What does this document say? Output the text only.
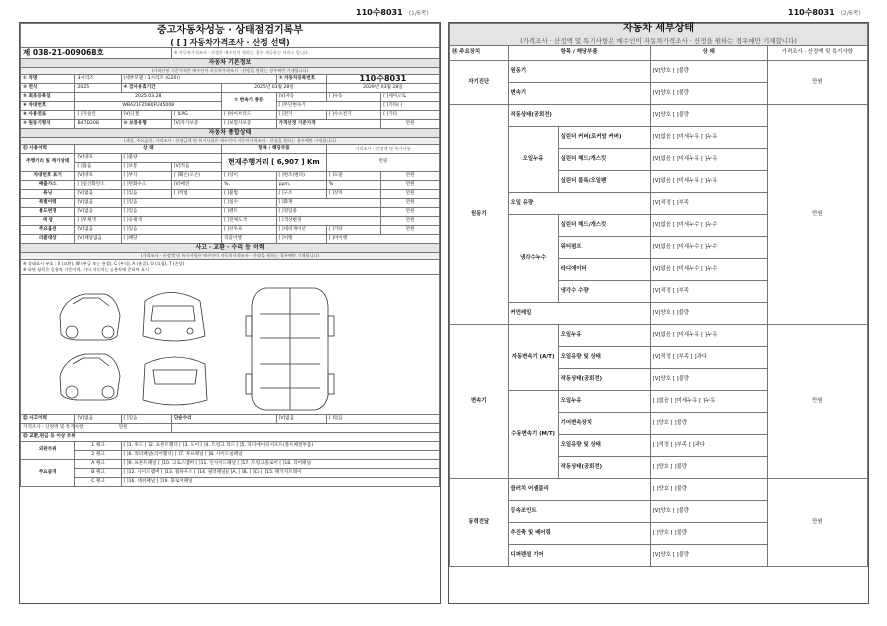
110수8031 (1/6쪽)	110수8031 (2/6쪽)
중고자동차성능 · 상태점검기록부
( [ ] 자동차가격조사 · 산정 선택)							

제 038-21-009068호			※ 자동차가격조사 · 산정은 매수인이 원하는 경우 제공하는 서비스 입니다.				
자동차 기본정보							
(가격산정 기준가격은 매수인이 자동차가격조사 · 산정을 원하는 경우에만 기재합니다)							
① 차명	3시리즈	(세부모델 : 3시리즈 (G20))			② 자동차등록번호	110수8031	
③ 연식	2025	④ 검사유효기간		2025년 03월 28일		2029년 03월 28일	
⑤ 최초등록일	2025.03.28			⑦ 변속기 종류	[V]자동	[ ]수동	[ ]세미오토
⑥ 차대번호	WBA21FZ080FU45008				[ ]무단변속기		[ ]기타( )
⑧ 사용연료	[ ]가솔린	[V]디젤	[ ]LPG	[ ]하이브리드	[ ]전기	[ ]수소전기	[ ]기타
⑨ 원동기형식	B47D20B	⑩ 보증유형	[V]자가보증	[ ]보험사보증	가격산정 기준가격		만원
자동차 종합상태							
(색상, 주요옵션, 가격조사 · 산정금액 및 특기사항은 매수인이 자동차가격조사 · 산정을 원하는 경우에만 기재합니다)							
⑪ 사용이력	상 태			항목 / 해당부품		가격조사 · 산정액 및 특기사항	
주행거리 및 계기상태	[V]양호	[ ]불량		현재주행거리 [ 6,907 ] Km		만원	
	[ ]많음	[ ]보통	[V]적음				
차대번호 표기	[V]양호	[ ]부식	[ ]훼손(오손)	[ ]상이	[ ]변조(변타)	[ ]도말	만원
배출가스	[ ]일산화탄소	[ ]탄화수소	[V]매연	%,	ppm,	%	만원
튜닝	[V]없음	[ ]있음	[ ]적법	[ ]불법	[ ]구조	[ ]장치	만원
특별이력	[V]없음	[ ]있음		[ ]침수	[ ]화재		만원
용도변경	[V]없음	[ ]있음		[ ]렌트	[ ]영업용		만원
색 상	[ ]무채색	[ ]유채색		[ ]전체도색	[ ]색상변경		만원
주요옵션	[V]없음	[ ]있음		[ ]선루프	[ ]네비게이션	[ ]기타	만원
리콜대상	[V]해당없음	[ ]해당		리콜이행	[ ]이행	[ ]미이행	
사고 · 교환 · 수리 등 이력							
(가격조사 · 산정액 및 특기사항은 매수인이 자동차가격조사 · 산정을 원하는 경우에만 기재합니다)							
※ 상태표시 부호 : X (교환), W (판금 또는 용접), C (부식), A (흠집), U (요철), T (손상)
※ 하단 항목은 승용차 기준이며, 기타 자동차는 승용차에 준하여 표시							

⑫ 사고이력	[V]없음	[ ]있음	단순수리		[V]없음	[ ]있음	
가격조사 · 산정액 및 특기사항	만원						
⑬ 교환,판금 등 이상 부위							
외판부위	1 랭크	[ ]1. 후드 [ ]2. 프론트휀더 [ ]3. 도어 [ ]4. 트렁크 리드 [ ]5. 라디에이터서포트(볼트체결부품)					
	2 랭크	[ ]6. 쿼터패널(리어휀더) [ ]7. 루프패널 [ ]8. 사이드실패널					
주요골격	A 랭크	[ ]9. 프론트패널 [ ]10. 크로스멤버 [ ]11. 인사이드패널 [ ]17. 트렁크플로어 [ ]18. 리어패널					
	B 랭크	[ ]12. 사이드멤버 [ ]13. 휠하우스 [ ]14. 필러패널([ ]A, [ ]B, [ ]C) [ ]15. 패키지트레이					
	C 랭크	[ ]16. 대쉬패널 [ ]19. 플로어패널					
자동차 세부상태
(가격조사 · 산정액 및 특기사항은 매수인이 자동차가격조사 · 산정을 원하는 경우에만 기재합니다)				

⑭ 주요장치	항목 / 해당부품		상 태	가격조사 · 산정액 및 특기사항
자기진단	원동기		[V]양호 [ ]불량	만원
	변속기		[V]양호 [ ]불량	
원동기	작동상태(공회전)		[V]양호 [ ]불량	만원
	오일누유	실린더 커버(로커암 커버)	[V]없음 [ ]미세누유 [ ]누유	
		실린더 헤드/개스킷	[V]없음 [ ]미세누유 [ ]누유	
		실린더 블록/오일팬	[V]없음 [ ]미세누유 [ ]누유	
	오일 유량		[V]적정 [ ]부족	
	냉각수누수	실린더 헤드/개스킷	[V]없음 [ ]미세누수 [ ]누수	
		워터펌프	[V]없음 [ ]미세누수 [ ]누수	
		라디에이터	[V]없음 [ ]미세누수 [ ]누수	
		냉각수 수량	[V]적정 [ ]부족	
	커먼레일		[V]양호 [ ]불량	
변속기	자동변속기 (A/T)	오일누유	[V]없음 [ ]미세누유 [ ]누유	만원
		오일유량 및 상태	[V]적정 [ ]부족 [ ]과다	
		작동상태(공회전)	[V]양호 [ ]불량	
	수동변속기 (M/T)	오일누유	[ ]없음 [ ]미세누유 [ ]누유	
		기어변속장치	[ ]양호 [ ]불량	
		오일유량 및 상태	[ ]적정 [ ]부족 [ ]과다	
		작동상태(공회전)	[ ]양호 [ ]불량	
동력전달	클러치 어셈블리		[ ]양호 [ ]불량	만원
	등속조인트		[V]양호 [ ]불량	
	추진축 및 베어링		[ ]양호 [ ]불량	
	디퍼렌셜 기어		[V]양호 [ ]불량	
